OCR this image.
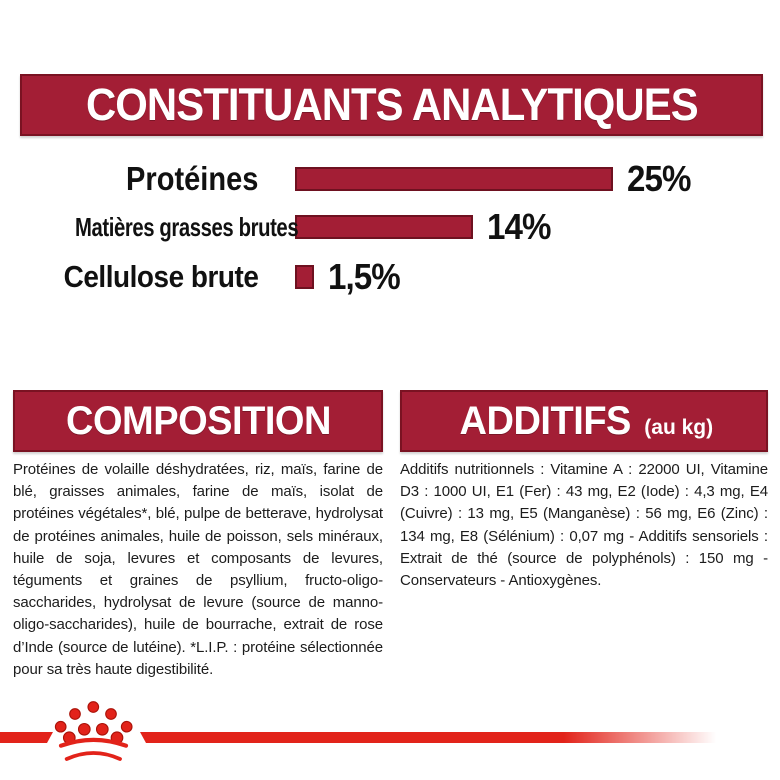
CONSTITUANTS ANALYTIQUES
Protéines	25%
Matières grasses brutes	14%
Cellulose brute 1,5%
COMPOSITION	ADDITIFS (au kg)
Protéines de volaille déshydratées, riz, maïs, farine de blé, graisses animales, farine de maïs, isolat de protéines végétales*, blé, pulpe de betterave, hydrolysat de protéines animales, huile de poisson, sels minéraux, huile de soja, levures et composants de levures, téguments et graines de psyllium, fructo-oligo-saccharides, hydrolysat de levure (source de manno-oligo-saccharides), huile de bourrache, extrait de rose d’Inde (source de lutéine). *L.I.P. : protéine sélectionnée pour sa très haute digestibilité.
Additifs nutritionnels : Vitamine A : 22000 UI, Vitamine D3 : 1000 UI, E1 (Fer) : 43 mg, E2 (Iode) : 4,3 mg, E4 (Cuivre) : 13 mg, E5 (Manganèse) : 56 mg, E6 (Zinc) : 134 mg, E8 (Sélénium) : 0,07 mg - Additifs sensoriels : Extrait de thé (source de polyphénols) : 150 mg - Conservateurs - Antioxygènes.
